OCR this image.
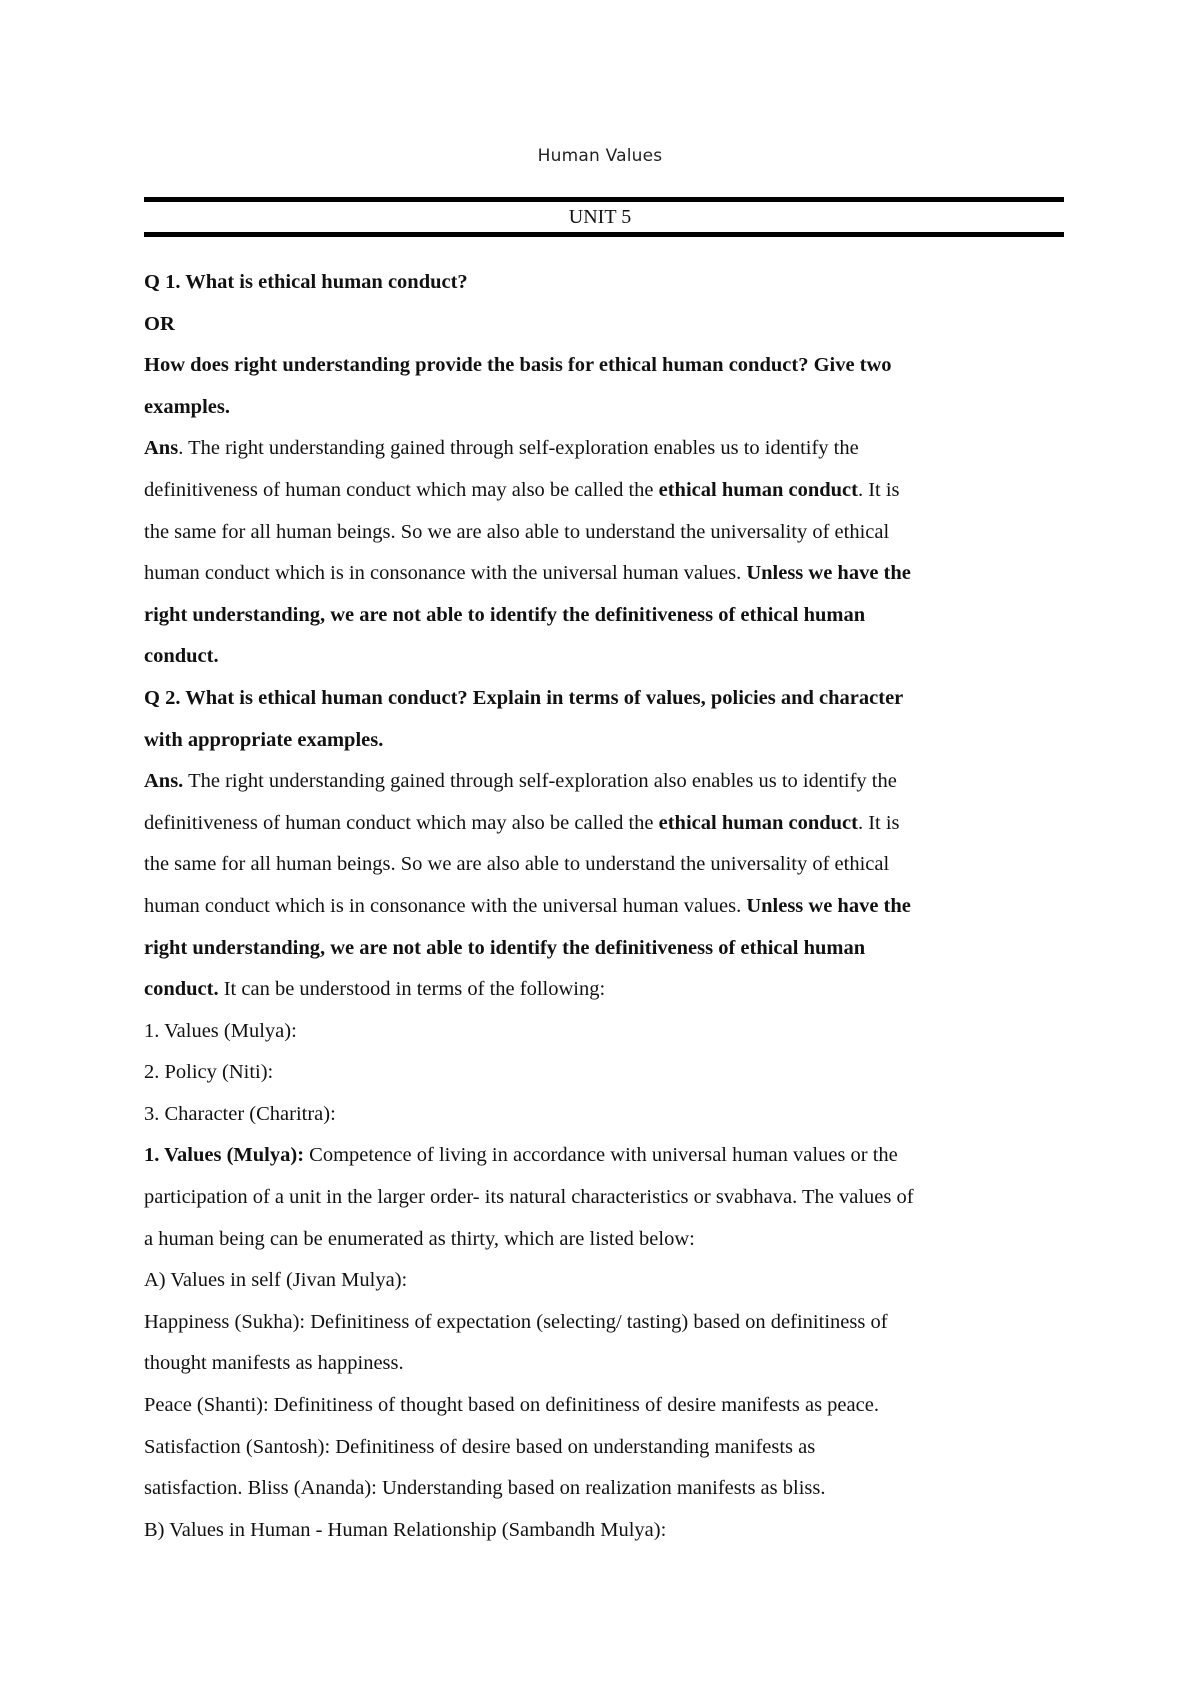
Human Values
UNIT 5
Q 1. What is ethical human conduct?
OR
How does right understanding provide the basis for ethical human conduct? Give two
examples.
Ans. The right understanding gained through self-exploration enables us to identify the
definitiveness of human conduct which may also be called the ethical human conduct. It is
the same for all human beings. So we are also able to understand the universality of ethical
human conduct which is in consonance with the universal human values. Unless we have the
right understanding, we are not able to identify the definitiveness of ethical human
conduct.
Q 2. What is ethical human conduct? Explain in terms of values, policies and character
with appropriate examples.
Ans. The right understanding gained through self-exploration also enables us to identify the
definitiveness of human conduct which may also be called the ethical human conduct. It is
the same for all human beings. So we are also able to understand the universality of ethical
human conduct which is in consonance with the universal human values. Unless we have the
right understanding, we are not able to identify the definitiveness of ethical human
conduct. It can be understood in terms of the following:
1. Values (Mulya):
2. Policy (Niti):
3. Character (Charitra):
1. Values (Mulya): Competence of living in accordance with universal human values or the
participation of a unit in the larger order- its natural characteristics or svabhava. The values of
a human being can be enumerated as thirty, which are listed below:
A) Values in self (Jivan Mulya):
Happiness (Sukha): Definitiness of expectation (selecting/ tasting) based on definitiness of
thought manifests as happiness.
Peace (Shanti): Definitiness of thought based on definitiness of desire manifests as peace.
Satisfaction (Santosh): Definitiness of desire based on understanding manifests as
satisfaction. Bliss (Ananda): Understanding based on realization manifests as bliss.
B) Values in Human - Human Relationship (Sambandh Mulya):
